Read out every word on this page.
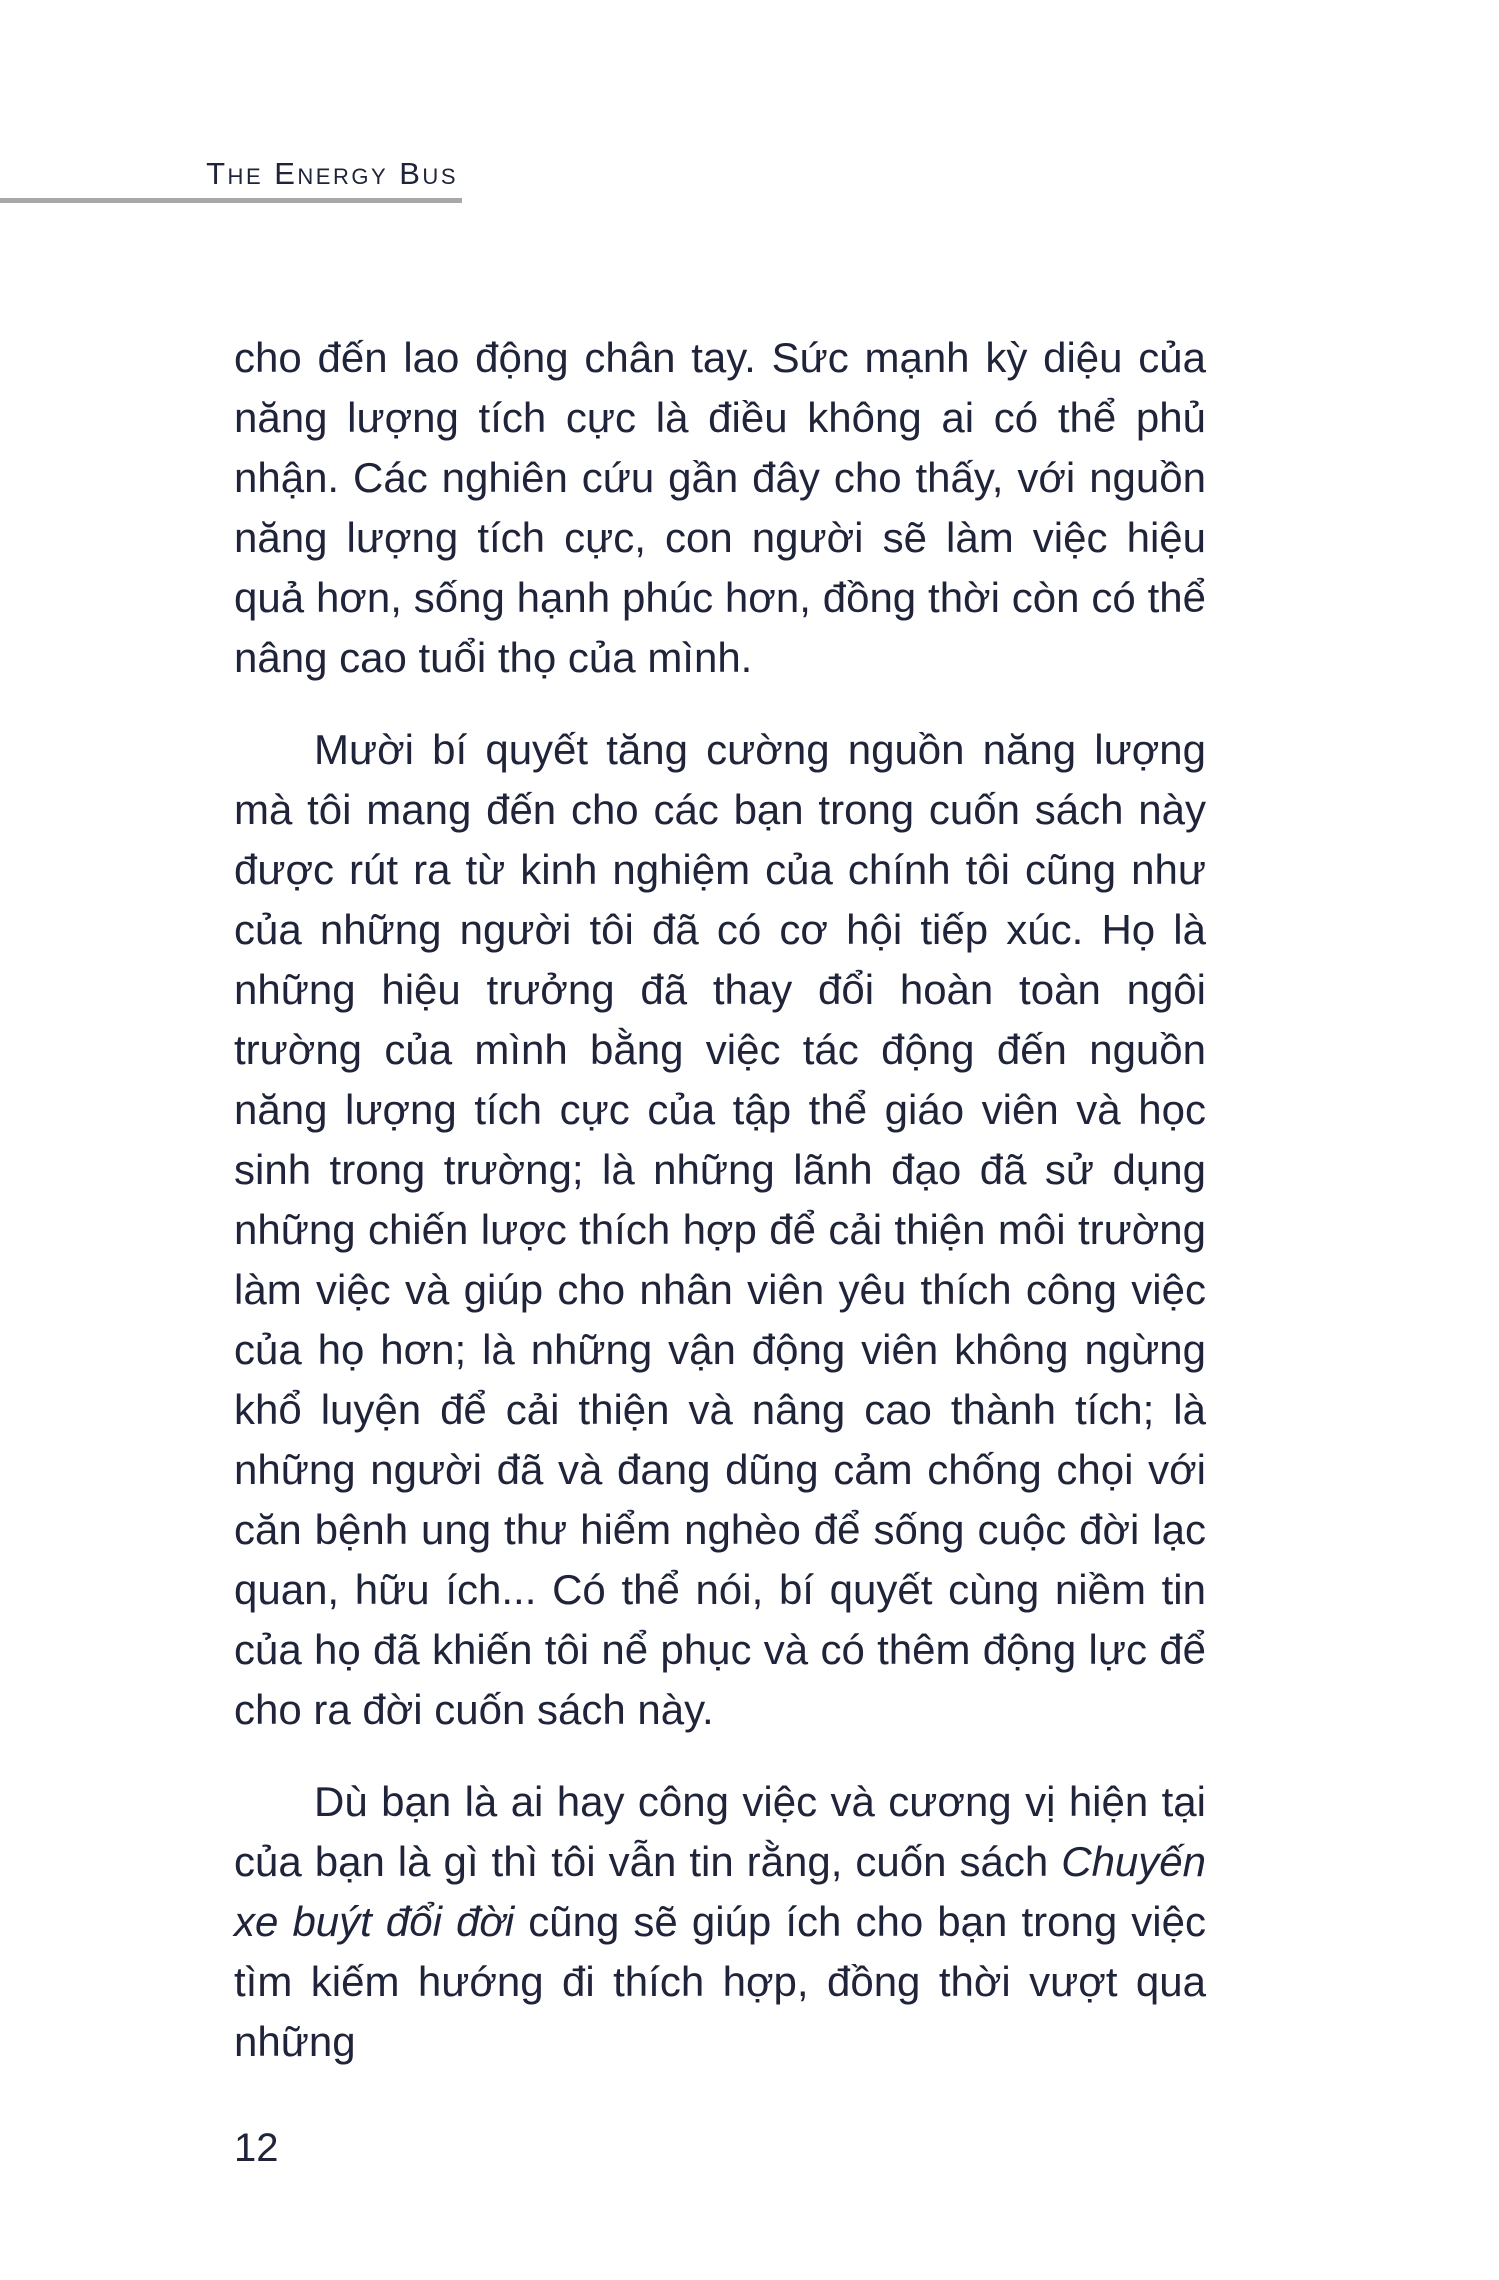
The Energy Bus

cho đến lao động chân tay. Sức mạnh kỳ diệu của năng lượng tích cực là điều không ai có thể phủ nhận. Các nghiên cứu gần đây cho thấy, với nguồn năng lượng tích cực, con người sẽ làm việc hiệu quả hơn, sống hạnh phúc hơn, đồng thời còn có thể nâng cao tuổi thọ của mình.

Mười bí quyết tăng cường nguồn năng lượng mà tôi mang đến cho các bạn trong cuốn sách này được rút ra từ kinh nghiệm của chính tôi cũng như của những người tôi đã có cơ hội tiếp xúc. Họ là những hiệu trưởng đã thay đổi hoàn toàn ngôi trường của mình bằng việc tác động đến nguồn năng lượng tích cực của tập thể giáo viên và học sinh trong trường; là những lãnh đạo đã sử dụng những chiến lược thích hợp để cải thiện môi trường làm việc và giúp cho nhân viên yêu thích công việc của họ hơn; là những vận động viên không ngừng khổ luyện để cải thiện và nâng cao thành tích; là những người đã và đang dũng cảm chống chọi với căn bệnh ung thư hiểm nghèo để sống cuộc đời lạc quan, hữu ích... Có thể nói, bí quyết cùng niềm tin của họ đã khiến tôi nể phục và có thêm động lực để cho ra đời cuốn sách này.

Dù bạn là ai hay công việc và cương vị hiện tại của bạn là gì thì tôi vẫn tin rằng, cuốn sách Chuyến xe buýt đổi đời cũng sẽ giúp ích cho bạn trong việc tìm kiếm hướng đi thích hợp, đồng thời vượt qua những

12
